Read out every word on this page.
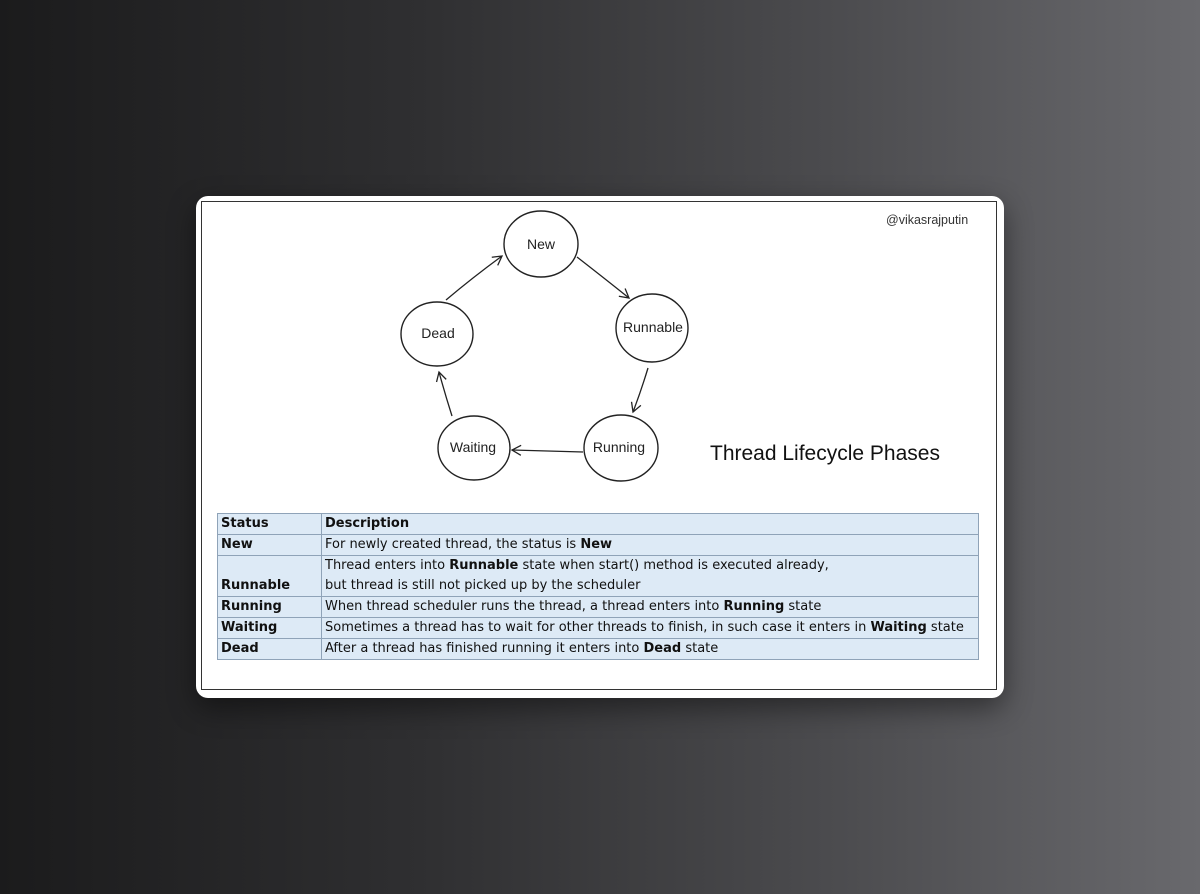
@vikasrajputin
New
Runnable
Running
Waiting
Dead
Thread Lifecycle Phases
Status	Description
New	For newly created thread, the status is New

Runnable	Thread enters into Runnable state when start() method is executed already,
but thread is still not picked up by the scheduler

Running	When thread scheduler runs the thread, a thread enters into Running state

Waiting	Sometimes a thread has to wait for other threads to finish, in such case it enters in Waiting state

Dead	After a thread has finished running it enters into Dead state
